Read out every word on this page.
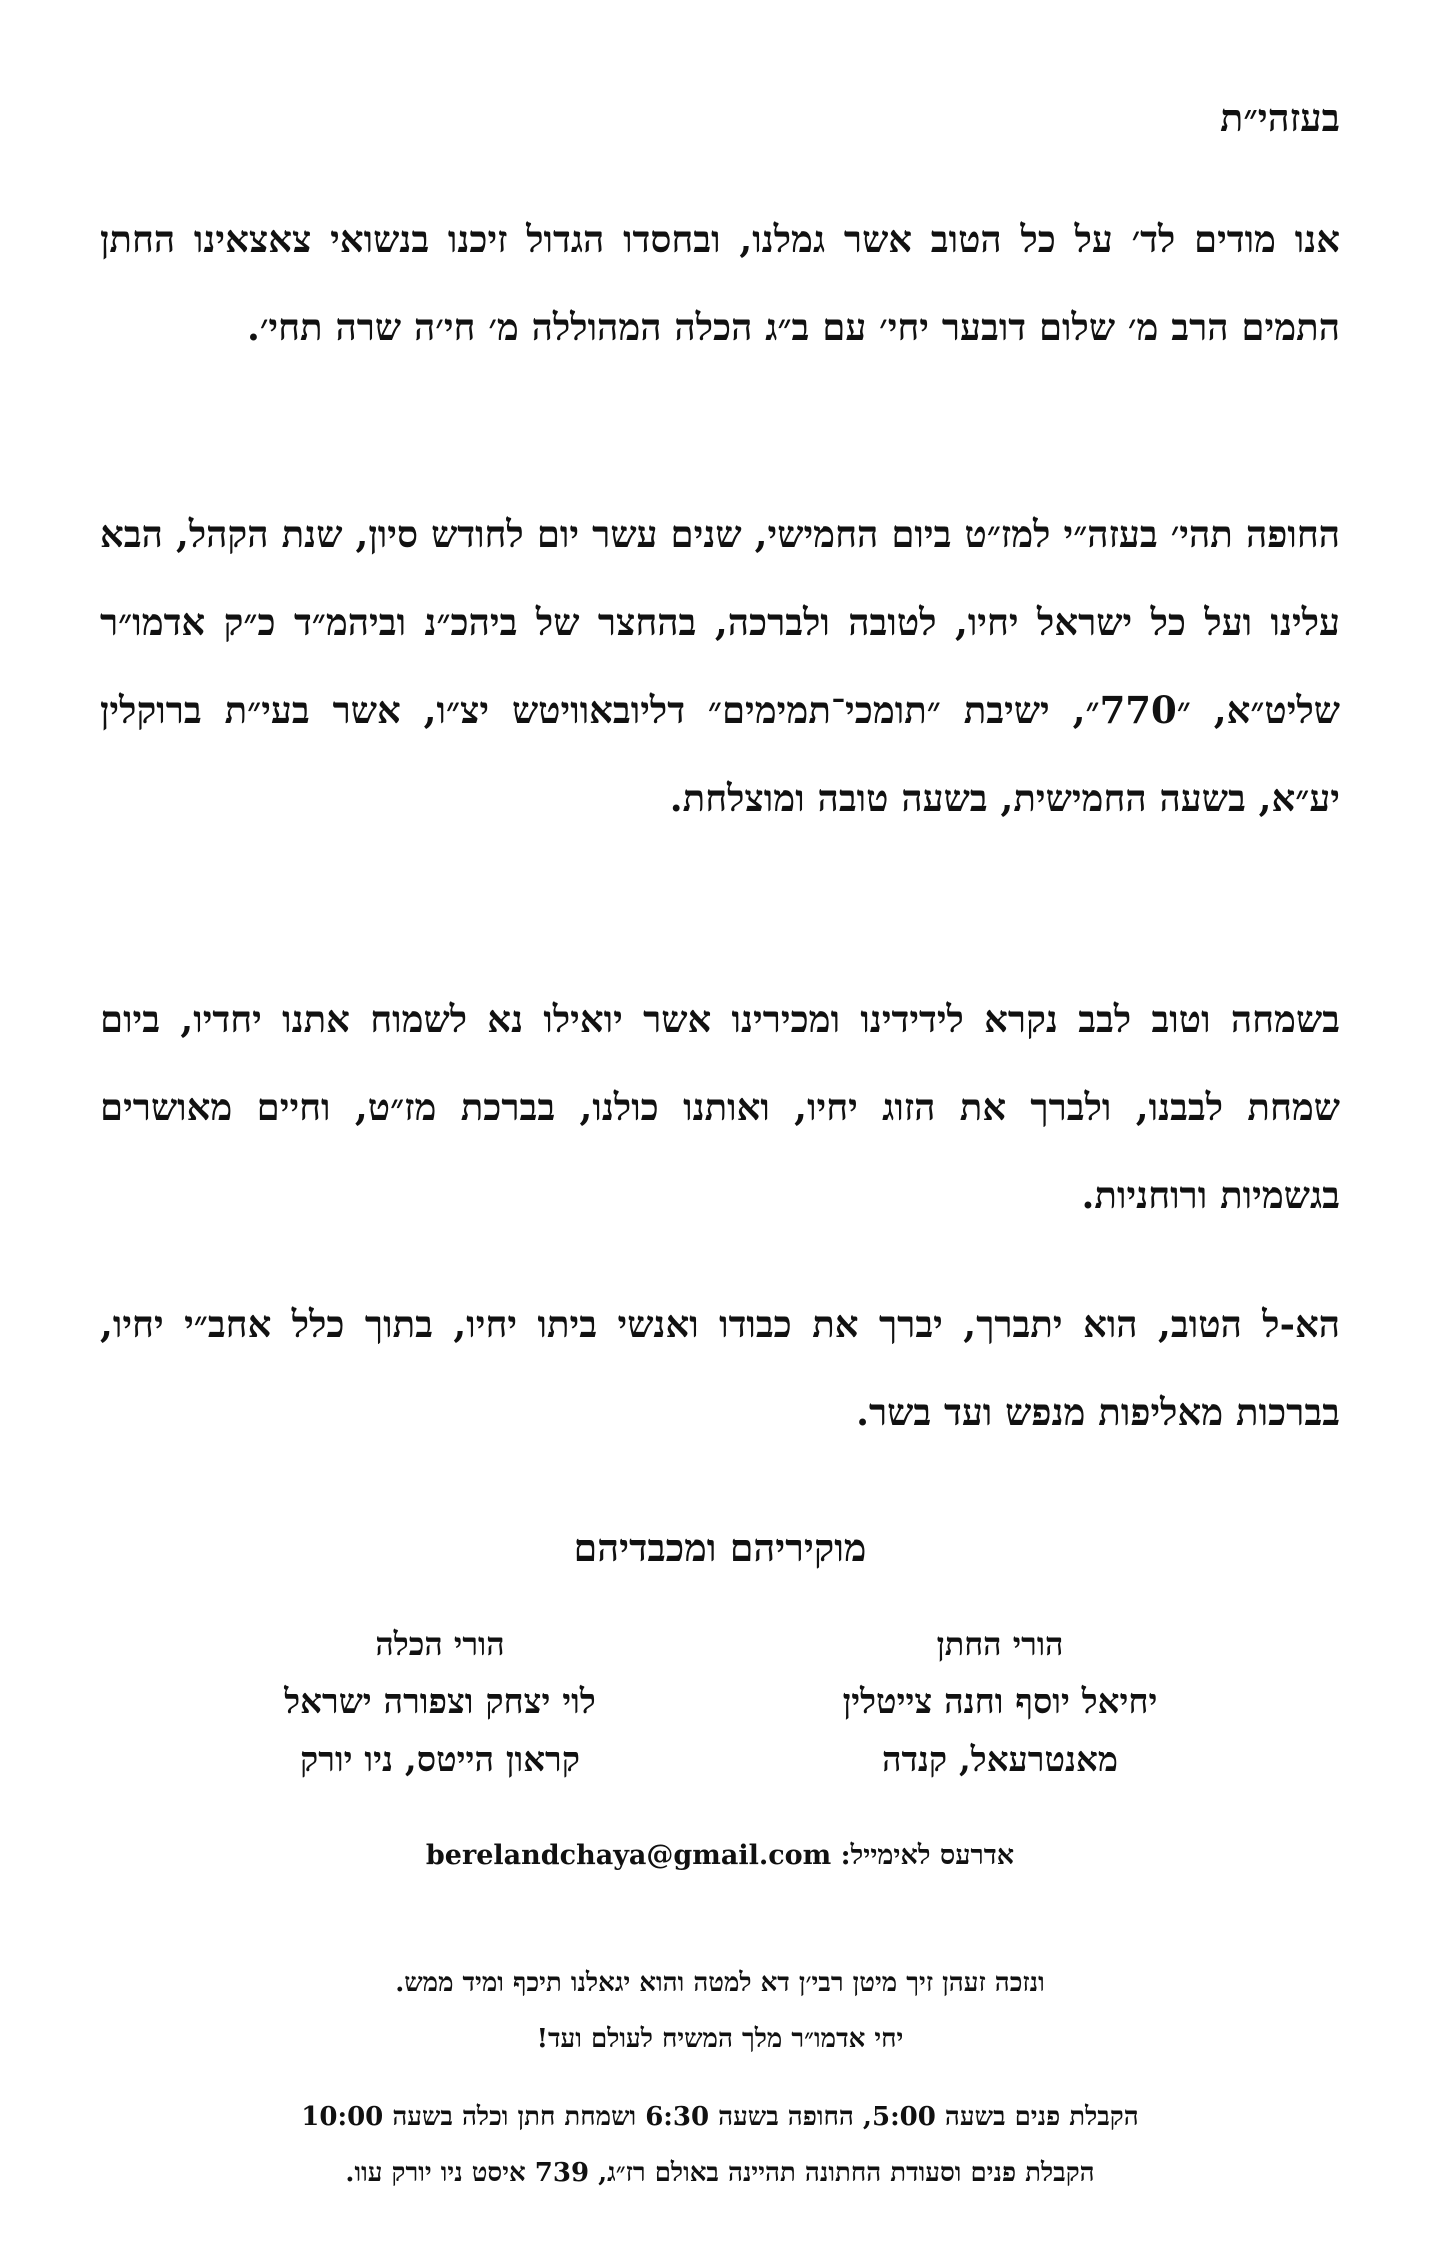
בעזהי״ת

אנו מודים לד׳ על כל הטוב אשר גמלנו, ובחסדו הגדול זיכנו בנשואי צאצאינו החתן התמים הרב מ׳ שלום דובער יחי׳ עם ב״ג הכלה המהוללה מ׳ חי׳ה שרה תחי׳.

החופה תהי׳ בעזה״י למז״ט ביום החמישי, שנים עשר יום לחודש סיון, שנת הקהל, הבא עלינו ועל כל ישראל יחיו, לטובה ולברכה, בהחצר של ביהכ״נ וביהמ״ד כ״ק אדמו״ר שליט״א, ״770״, ישיבת ״תומכי־תמימים״ דליובאוויטש יצ״ו, אשר בעי״ת ברוקלין יע״א, בשעה החמישית, בשעה טובה ומוצלחת.

בשמחה וטוב לבב נקרא לידידינו ומכירינו אשר יואילו נא לשמוח אתנו יחדיו, ביום שמחת לבבנו, ולברך את הזוג יחיו, ואותנו כולנו, בברכת מז״ט, וחיים מאושרים בגשמיות ורוחניות.

הא-ל הטוב, הוא יתברך, יברך את כבודו ואנשי ביתו יחיו, בתוך כלל אחב״י יחיו, בברכות מאליפות מנפש ועד בשר.

מוקיריהם ומכבדיהם
הורי החתן
יחיאל יוסף וחנה צייטלין
מאנטרעאל, קנדה
הורי הכלה
לוי יצחק וצפורה ישראל
קראון הייטס, ניו יורק
אדרעס לאימייל: berelandchaya@gmail.com
ונזכה זעהן זיך מיטן רבי׳ן דא למטה והוא יגאלנו תיכף ומיד ממש.
יחי אדמו״ר מלך המשיח לעולם ועד!
הקבלת פנים בשעה 5:00, החופה בשעה 6:30 ושמחת חתן וכלה בשעה 10:00
הקבלת פנים וסעודת החתונה תהיינה באולם רז״ג, 739 איסט ניו יורק עוו.
